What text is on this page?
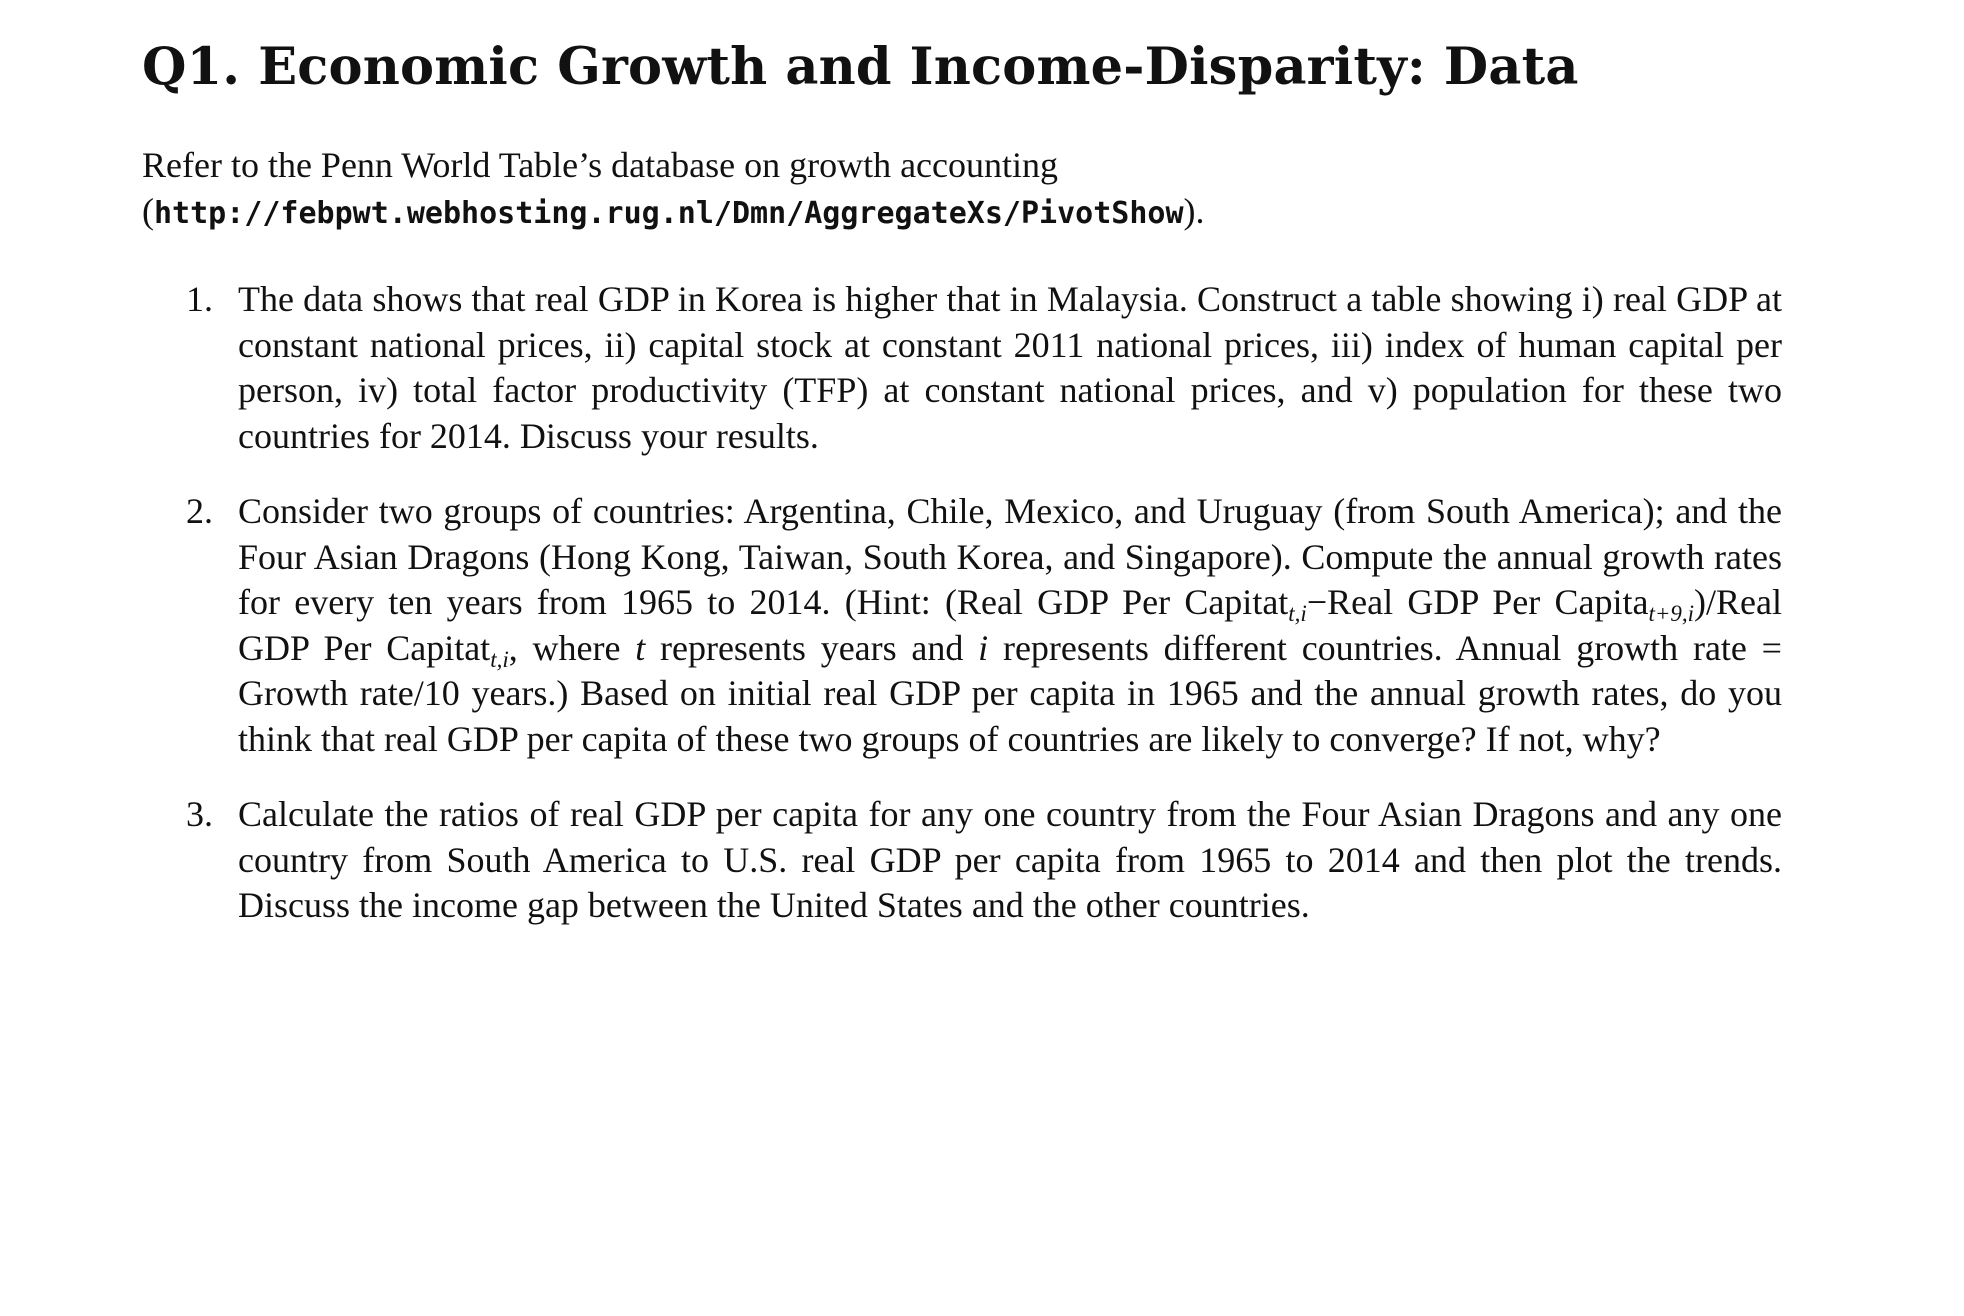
Q1. Economic Growth and Income-Disparity: Data

Refer to the Penn World Table’s database on growth accounting (http://febpwt.webhosting.rug.nl/Dmn/AggregateXs/PivotShow).

1. The data shows that real GDP in Korea is higher that in Malaysia. Construct a table showing i) real GDP at constant national prices, ii) capital stock at constant 2011 national prices, iii) index of human capital per person, iv) total factor productivity (TFP) at constant national prices, and v) population for these two countries for 2014. Discuss your results.
2. Consider two groups of countries: Argentina, Chile, Mexico, and Uruguay (from South America); and the Four Asian Dragons (Hong Kong, Taiwan, South Korea, and Singapore). Compute the annual growth rates for every ten years from 1965 to 2014. (Hint: (Real GDP Per Capitat$_{t,i}$−Real GDP Per Capita$_{t+9,i}$)/Real GDP Per Capitat$_{t,i}$, where t represents years and i represents different countries. Annual growth rate = Growth rate/10 years.) Based on initial real GDP per capita in 1965 and the annual growth rates, do you think that real GDP per capita of these two groups of countries are likely to converge? If not, why?
3. Calculate the ratios of real GDP per capita for any one country from the Four Asian Dragons and any one country from South America to U.S. real GDP per capita from 1965 to 2014 and then plot the trends. Discuss the income gap between the United States and the other countries.
